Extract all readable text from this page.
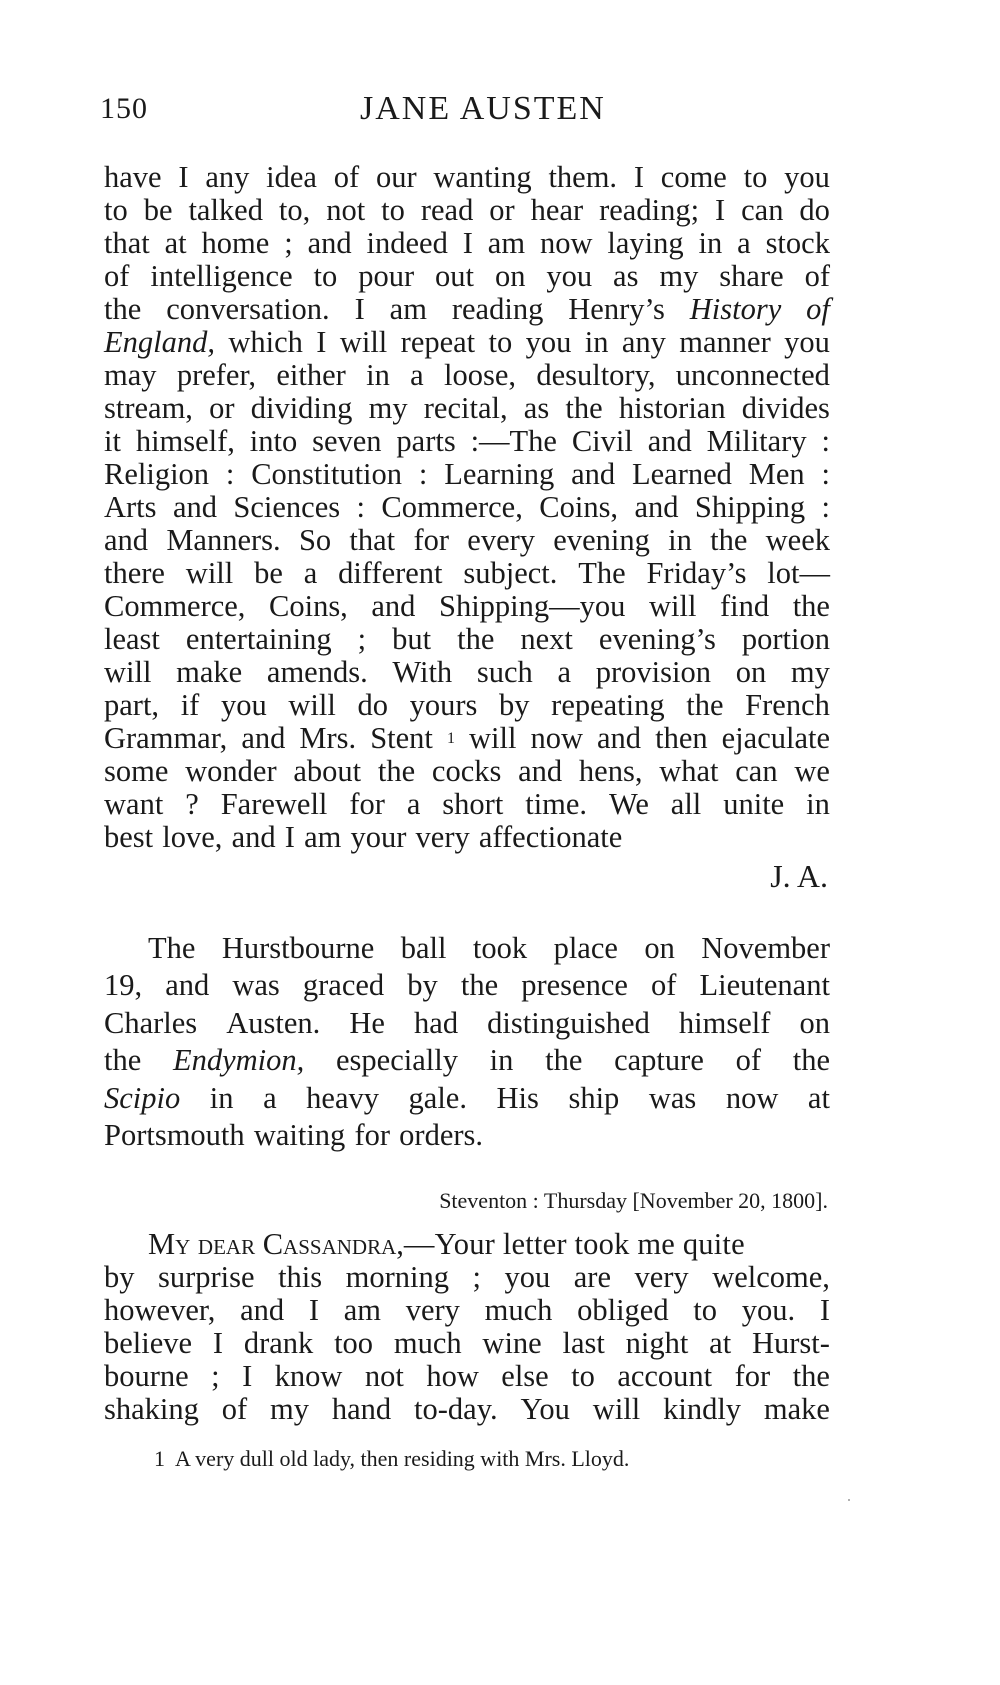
150	JANE AUSTEN
have I any idea of our wanting them. I come to you
to be talked to, not to read or hear reading; I can do
that at home ; and indeed I am now laying in a stock
of intelligence to pour out on you as my share of
the conversation. I am reading Henry’s History of
England, which I will repeat to you in any manner you
may prefer, either in a loose, desultory, unconnected
stream, or dividing my recital, as the historian divides
it himself, into seven parts :—The Civil and Military :
Religion : Constitution : Learning and Learned Men :
Arts and Sciences : Commerce, Coins, and Shipping :
and Manners. So that for every evening in the week
there will be a different subject. The Friday’s lot—
Commerce, Coins, and Shipping—you will find the
least entertaining ; but the next evening’s portion
will make amends. With such a provision on my
part, if you will do yours by repeating the French
Grammar, and Mrs. Stent 1 will now and then ejaculate
some wonder about the cocks and hens, what can we
want ? Farewell for a short time. We all unite in
best love, and I am your very affectionate
J. A.
The Hurstbourne ball took place on November
19, and was graced by the presence of Lieutenant
Charles Austen. He had distinguished himself on
the Endymion, especially in the capture of the
Scipio in a heavy gale. His ship was now at
Portsmouth waiting for orders.
Steventon : Thursday [November 20, 1800].
My dear Cassandra, —Your letter took me quite
by surprise this morning ; you are very welcome,
however, and I am very much obliged to you. I
believe I drank too much wine last night at Hurst-
bourne ; I know not how else to account for the
shaking of my hand to-day. You will kindly make
1 A very dull old lady, then residing with Mrs. Lloyd.
